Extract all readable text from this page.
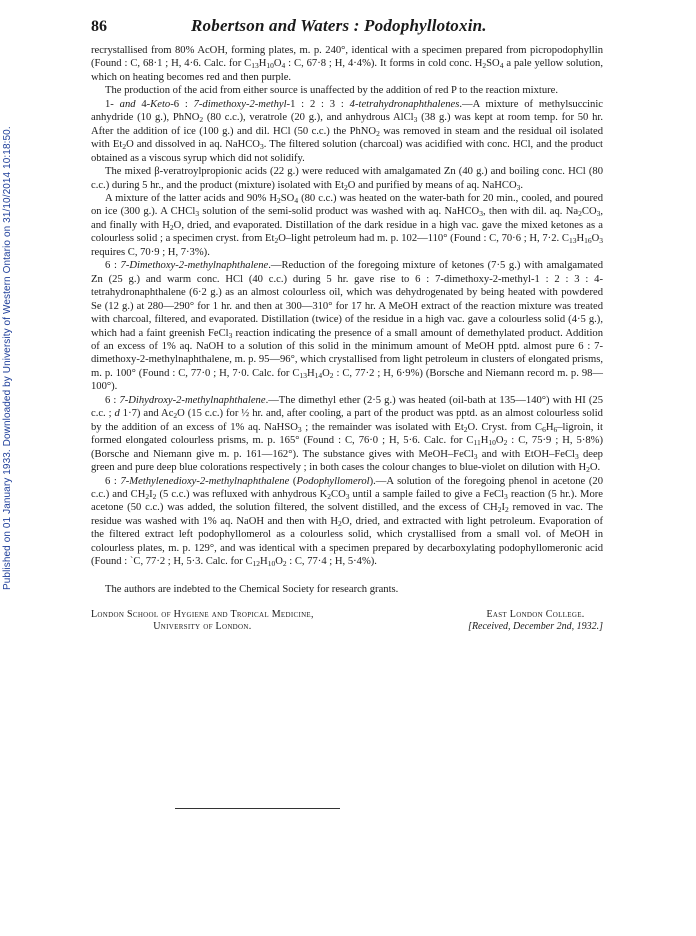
Published on 01 January 1933. Downloaded by University of Western Ontario on 31/10/2014 10:18:50.
86	Robertson and Waters : Podophyllotoxin.

recrystallised from 80% AcOH, forming plates, m. p. 240°, identical with a specimen prepared from picropodophyllin (Found : C, 68·1 ; H, 4·6. Calc. for $C_{13}H_{10}O_4$ : C, 67·8 ; H, 4·4%). It forms in cold conc. $H_2SO_4$ a pale yellow solution, which on heating becomes red and then purple.

The production of the acid from either source is unaffected by the addition of red P to the reaction mixture.

1- and 4-Keto-6 : 7-dimethoxy-2-methyl-1 : 2 : 3 : 4-tetrahydronaphthalenes.—A mixture of methylsuccinic anhydride (10 g.), PhNO$_2$ (80 c.c.), veratrole (20 g.), and anhydrous AlCl$_3$ (38 g.) was kept at room temp. for 50 hr. After the addition of ice (100 g.) and dil. HCl (50 c.c.) the PhNO$_2$ was removed in steam and the residual oil isolated with $Et_2O$ and dissolved in aq. NaHCO$_3$. The filtered solution (charcoal) was acidified with conc. HCl, and the product obtained as a viscous syrup which did not solidify.

The mixed β-veratroylpropionic acids (22 g.) were reduced with amalgamated Zn (40 g.) and boiling conc. HCl (80 c.c.) during 5 hr., and the product (mixture) isolated with $Et_2O$ and purified by means of aq. NaHCO$_3$.

A mixture of the latter acids and 90% $H_2SO_4$ (80 c.c.) was heated on the water-bath for 20 min., cooled, and poured on ice (300 g.). A CHCl$_3$ solution of the semi-solid product was washed with aq. NaHCO$_3$, then with dil. aq. $Na_2CO_3$, and finally with $H_2O$, dried, and evaporated. Distillation of the dark residue in a high vac. gave the mixed ketones as a colourless solid ; a specimen cryst. from $Et_2O$–light petroleum had m. p. 102—110° (Found : C, 70·6 ; H, 7·2. $C_{13}H_{16}O_3$ requires C, 70·9 ; H, 7·3%).

6 : 7-Dimethoxy-2-methylnaphthalene.—Reduction of the foregoing mixture of ketones (7·5 g.) with amalgamated Zn (25 g.) and warm conc. HCl (40 c.c.) during 5 hr. gave rise to 6 : 7-dimethoxy-2-methyl-1 : 2 : 3 : 4-tetrahydronaphthalene (6·2 g.) as an almost colourless oil, which was dehydrogenated by being heated with powdered Se (12 g.) at 280—290° for 1 hr. and then at 300—310° for 17 hr. A MeOH extract of the reaction mixture was treated with charcoal, filtered, and evaporated. Distillation (twice) of the residue in a high vac. gave a colourless solid (4·5 g.), which had a faint greenish FeCl$_3$ reaction indicating the presence of a small amount of demethylated product. Addition of an excess of 1% aq. NaOH to a solution of this solid in the minimum amount of MeOH pptd. almost pure 6 : 7-dimethoxy-2-methylnaphthalene, m. p. 95—96°, which crystallised from light petroleum in clusters of elongated prisms, m. p. 100° (Found : C, 77·0 ; H, 7·0. Calc. for $C_{13}H_{14}O_2$ : C, 77·2 ; H, 6·9%) (Borsche and Niemann record m. p. 98—100°).

6 : 7-Dihydroxy-2-methylnaphthalene.—The dimethyl ether (2·5 g.) was heated (oil-bath at 135—140°) with HI (25 c.c. ; d 1·7) and $Ac_2O$ (15 c.c.) for ½ hr. and, after cooling, a part of the product was pptd. as an almost colourless solid by the addition of an excess of 1% aq. NaHSO$_3$ ; the remainder was isolated with $Et_2O$. Cryst. from $C_6H_6$–ligroin, it formed elongated colourless prisms, m. p. 165° (Found : C, 76·0 ; H, 5·6. Calc. for $C_{11}H_{10}O_2$ : C, 75·9 ; H, 5·8%) (Borsche and Niemann give m. p. 161—162°). The substance gives with MeOH–FeCl$_3$ and with EtOH–FeCl$_3$ deep green and pure deep blue colorations respectively ; in both cases the colour changes to blue-violet on dilution with $H_2O$.

6 : 7-Methylenedioxy-2-methylnaphthalene (Podophyllomerol).—A solution of the foregoing phenol in acetone (20 c.c.) and $CH_2I_2$ (5 c.c.) was refluxed with anhydrous $K_2CO_3$ until a sample failed to give a FeCl$_3$ reaction (5 hr.). More acetone (50 c.c.) was added, the solution filtered, the solvent distilled, and the excess of $CH_2I_2$ removed in vac. The residue was washed with 1% aq. NaOH and then with $H_2O$, dried, and extracted with light petroleum. Evaporation of the filtered extract left podophyllomerol as a colourless solid, which crystallised from a small vol. of MeOH in colourless plates, m. p. 129°, and was identical with a specimen prepared by decarboxylating podophyllomeronic acid (Found : `C, 77·2 ; H, 5·3. Calc. for $C_{12}H_{10}O_2$ : C, 77·4 ; H, 5·4%).

The authors are indebted to the Chemical Society for research grants.
London School of Hygiene and Tropical Medicine,
University of London.
East London College.
[Received, December 2nd, 1932.]
